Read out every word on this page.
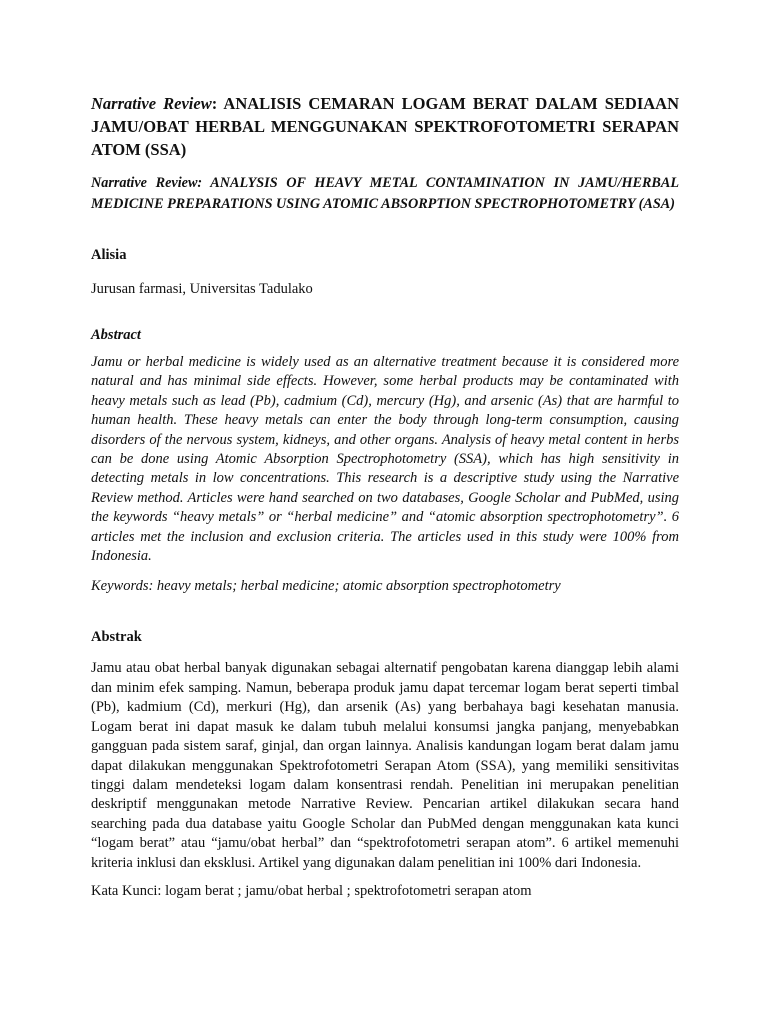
Narrative Review: ANALISIS CEMARAN LOGAM BERAT DALAM SEDIAAN JAMU/OBAT HERBAL MENGGUNAKAN SPEKTROFOTOMETRI SERAPAN ATOM (SSA)

Narrative Review: ANALYSIS OF HEAVY METAL CONTAMINATION IN JAMU/HERBAL MEDICINE PREPARATIONS USING ATOMIC ABSORPTION SPECTROPHOTOMETRY (ASA)

Alisia

Jurusan farmasi, Universitas Tadulako

Abstract

Jamu or herbal medicine is widely used as an alternative treatment because it is considered more natural and has minimal side effects. However, some herbal products may be contaminated with heavy metals such as lead (Pb), cadmium (Cd), mercury (Hg), and arsenic (As) that are harmful to human health. These heavy metals can enter the body through long-term consumption, causing disorders of the nervous system, kidneys, and other organs. Analysis of heavy metal content in herbs can be done using Atomic Absorption Spectrophotometry (SSA), which has high sensitivity in detecting metals in low concentrations. This research is a descriptive study using the Narrative Review method. Articles were hand searched on two databases, Google Scholar and PubMed, using the keywords “heavy metals” or “herbal medicine” and “atomic absorption spectrophotometry”. 6 articles met the inclusion and exclusion criteria. The articles used in this study were 100% from Indonesia.

Keywords: heavy metals; herbal medicine; atomic absorption spectrophotometry

Abstrak

Jamu atau obat herbal banyak digunakan sebagai alternatif pengobatan karena dianggap lebih alami dan minim efek samping. Namun, beberapa produk jamu dapat tercemar logam berat seperti timbal (Pb), kadmium (Cd), merkuri (Hg), dan arsenik (As) yang berbahaya bagi kesehatan manusia. Logam berat ini dapat masuk ke dalam tubuh melalui konsumsi jangka panjang, menyebabkan gangguan pada sistem saraf, ginjal, dan organ lainnya. Analisis kandungan logam berat dalam jamu dapat dilakukan menggunakan Spektrofotometri Serapan Atom (SSA), yang memiliki sensitivitas tinggi dalam mendeteksi logam dalam konsentrasi rendah. Penelitian ini merupakan penelitian deskriptif menggunakan metode Narrative Review. Pencarian artikel dilakukan secara hand searching pada dua database yaitu Google Scholar dan PubMed dengan menggunakan kata kunci “logam berat” atau “jamu/obat herbal” dan “spektrofotometri serapan atom”. 6 artikel memenuhi kriteria inklusi dan eksklusi. Artikel yang digunakan dalam penelitian ini 100% dari Indonesia.

Kata Kunci: logam berat ; jamu/obat herbal ; spektrofotometri serapan atom
